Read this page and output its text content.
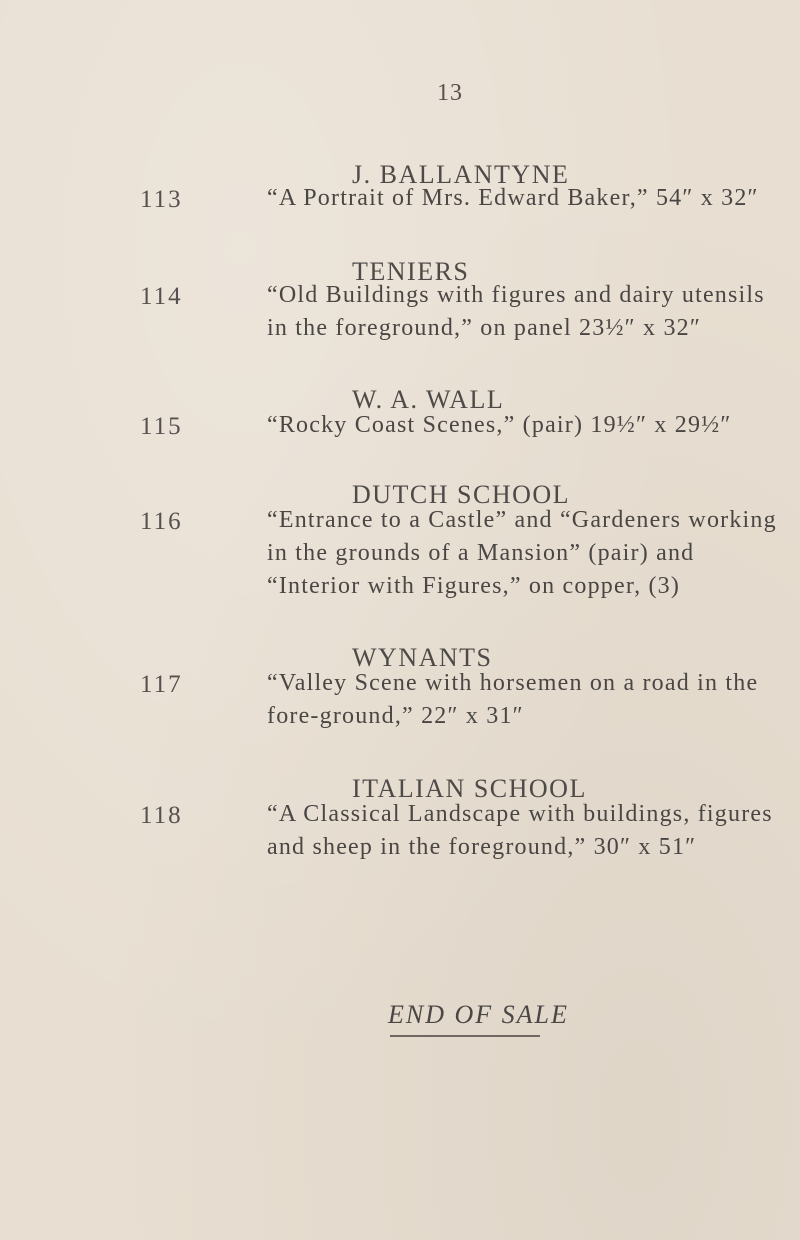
13
J. BALLANTYNE
113	“A Portrait of Mrs. Edward Baker,” 54″ x 32″
TENIERS
114	“Old Buildings with figures and dairy utensils in the foreground,” on panel 23½″ x 32″
W. A. WALL
115	“Rocky Coast Scenes,” (pair) 19½″ x 29½″
DUTCH SCHOOL
116	“Entrance to a Castle” and “Gardeners working in the grounds of a Mansion” (pair) and “Interior with Figures,” on copper, (3)
WYNANTS
117	“Valley Scene with horsemen on a road in the fore-ground,” 22″ x 31″
ITALIAN SCHOOL
118	“A Classical Landscape with buildings, figures and sheep in the foreground,” 30″ x 51″
END OF SALE
